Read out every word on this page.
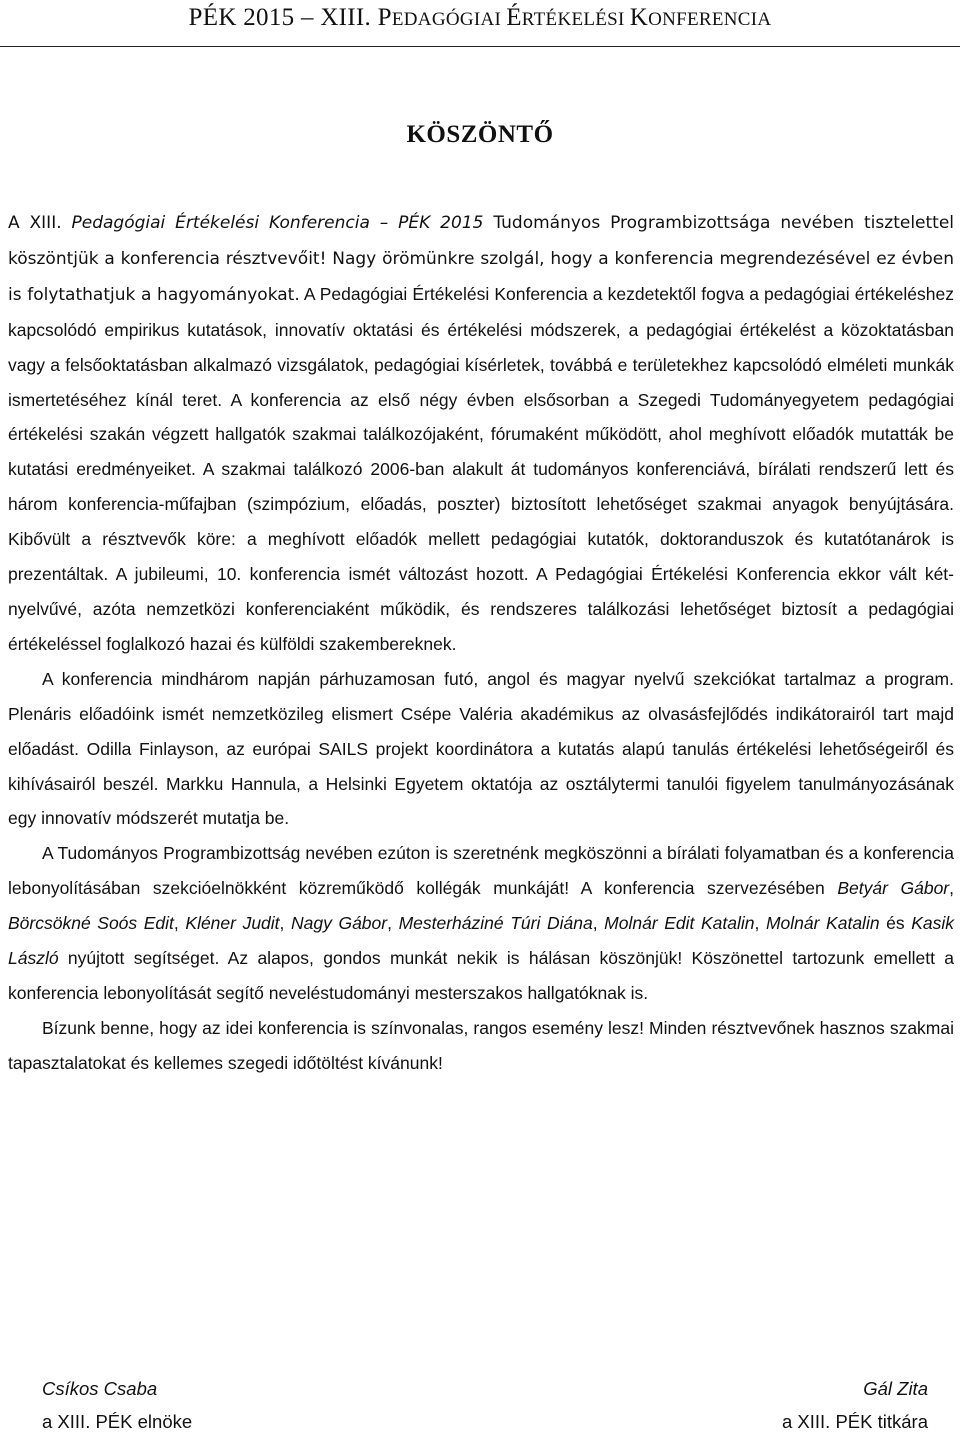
PÉK 2015 – XIII. PEDAGÓGIAI ÉRTÉKELÉSI KONFERENCIA
KÖSZÖNTŐ

A XIII. Pedagógiai Értékelési Konferencia – PÉK 2015 Tudományos Programbizottsága nevében tisztelettel köszöntjük a konferencia résztvevőit! Nagy örömünkre szolgál, hogy a konferencia megrendezésével ez évben is folytathatjuk a hagyományokat. A Pedagógiai Értékelési Konferencia a kezdetektől fogva a pedagógiai értékeléshez kapcsolódó empirikus kutatások, innovatív oktatási és értékelési módszerek, a pedagógiai értékelést a közoktatásban vagy a felsőoktatásban alkalmazó vizsgálatok, pedagógiai kísérletek, továbbá e területekhez kapcsolódó elméleti munkák ismertetéséhez kínál teret. A konferencia az első négy évben elsősorban a Szegedi Tudományegyetem pedagógiai értékelési szakán végzett hallgatók szakmai találkozójaként, fórumaként működött, ahol meghívott előadók mutatták be kutatási eredményeiket. A szakmai találkozó 2006-ban alakult át tudományos konferenciává, bírálati rendszerű lett és három konferencia-műfajban (szimpózium, előadás, poszter) biztosított lehetőséget szakmai anyagok benyújtására. Kibővült a résztvevők köre: a meghívott előadók mellett pedagógiai kutatók, doktoranduszok és kutatótanárok is prezentáltak. A jubileumi, 10. konferencia ismét változást hozott. A Pedagógiai Értékelési Konferencia ekkor vált kétnyelvűvé, azóta nemzetközi konferenciaként működik, és rendszeres találkozási lehetőséget biztosít a pedagógiai értékeléssel foglalkozó hazai és külföldi szakembereknek.

A konferencia mindhárom napján párhuzamosan futó, angol és magyar nyelvű szekciókat tartalmaz a program. Plenáris előadóink ismét nemzetközileg elismert Csépe Valéria akadémikus az olvasásfejlődés indikátorairól tart majd előadást. Odilla Finlayson, az európai SAILS projekt koordinátora a kutatás alapú tanulás értékelési lehetőségeiről és kihívásairól beszél. Markku Hannula, a Helsinki Egyetem oktatója az osztálytermi tanulói figyelem tanulmányozásának egy innovatív módszerét mutatja be.

A Tudományos Programbizottság nevében ezúton is szeretnénk megköszönni a bírálati folyamatban és a konferencia lebonyolításában szekcióelnökként közreműködő kollégák munkáját! A konferencia szervezésében Betyár Gábor, Börcsökné Soós Edit, Kléner Judit, Nagy Gábor, Mesterháziné Túri Diána, Molnár Edit Katalin, Molnár Katalin és Kasik László nyújtott segítséget. Az alapos, gondos munkát nekik is hálásan köszönjük! Köszönettel tartozunk emellett a konferencia lebonyolítását segítő neveléstudományi mesterszakos hallgatóknak is.

Bízunk benne, hogy az idei konferencia is színvonalas, rangos esemény lesz! Minden résztvevőnek hasznos szakmai tapasztalatokat és kellemes szegedi időtöltést kívánunk!

Csíkos Csaba
a XIII. PÉK elnöke
Gál Zita
a XIII. PÉK titkára
